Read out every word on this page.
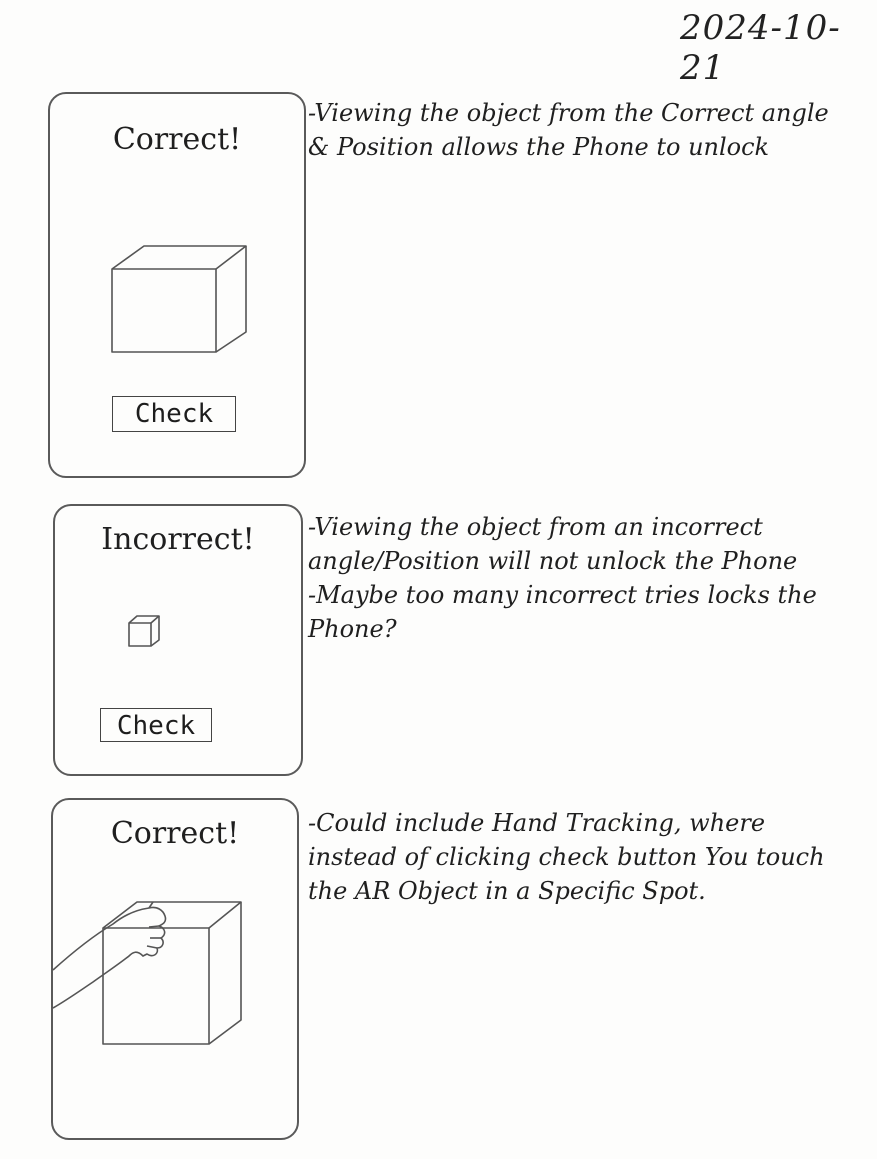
2024-10-21
Correct!
Check
-Viewing the object from the Correct angle & Position allows the Phone to unlock
Incorrect!
Check
-Viewing the object from an incorrect angle/Position will not unlock the Phone
-Maybe too many incorrect tries locks the Phone?
Correct!	-Could include Hand Tracking, where instead of clicking check button You touch the AR Object in a Specific Spot.
